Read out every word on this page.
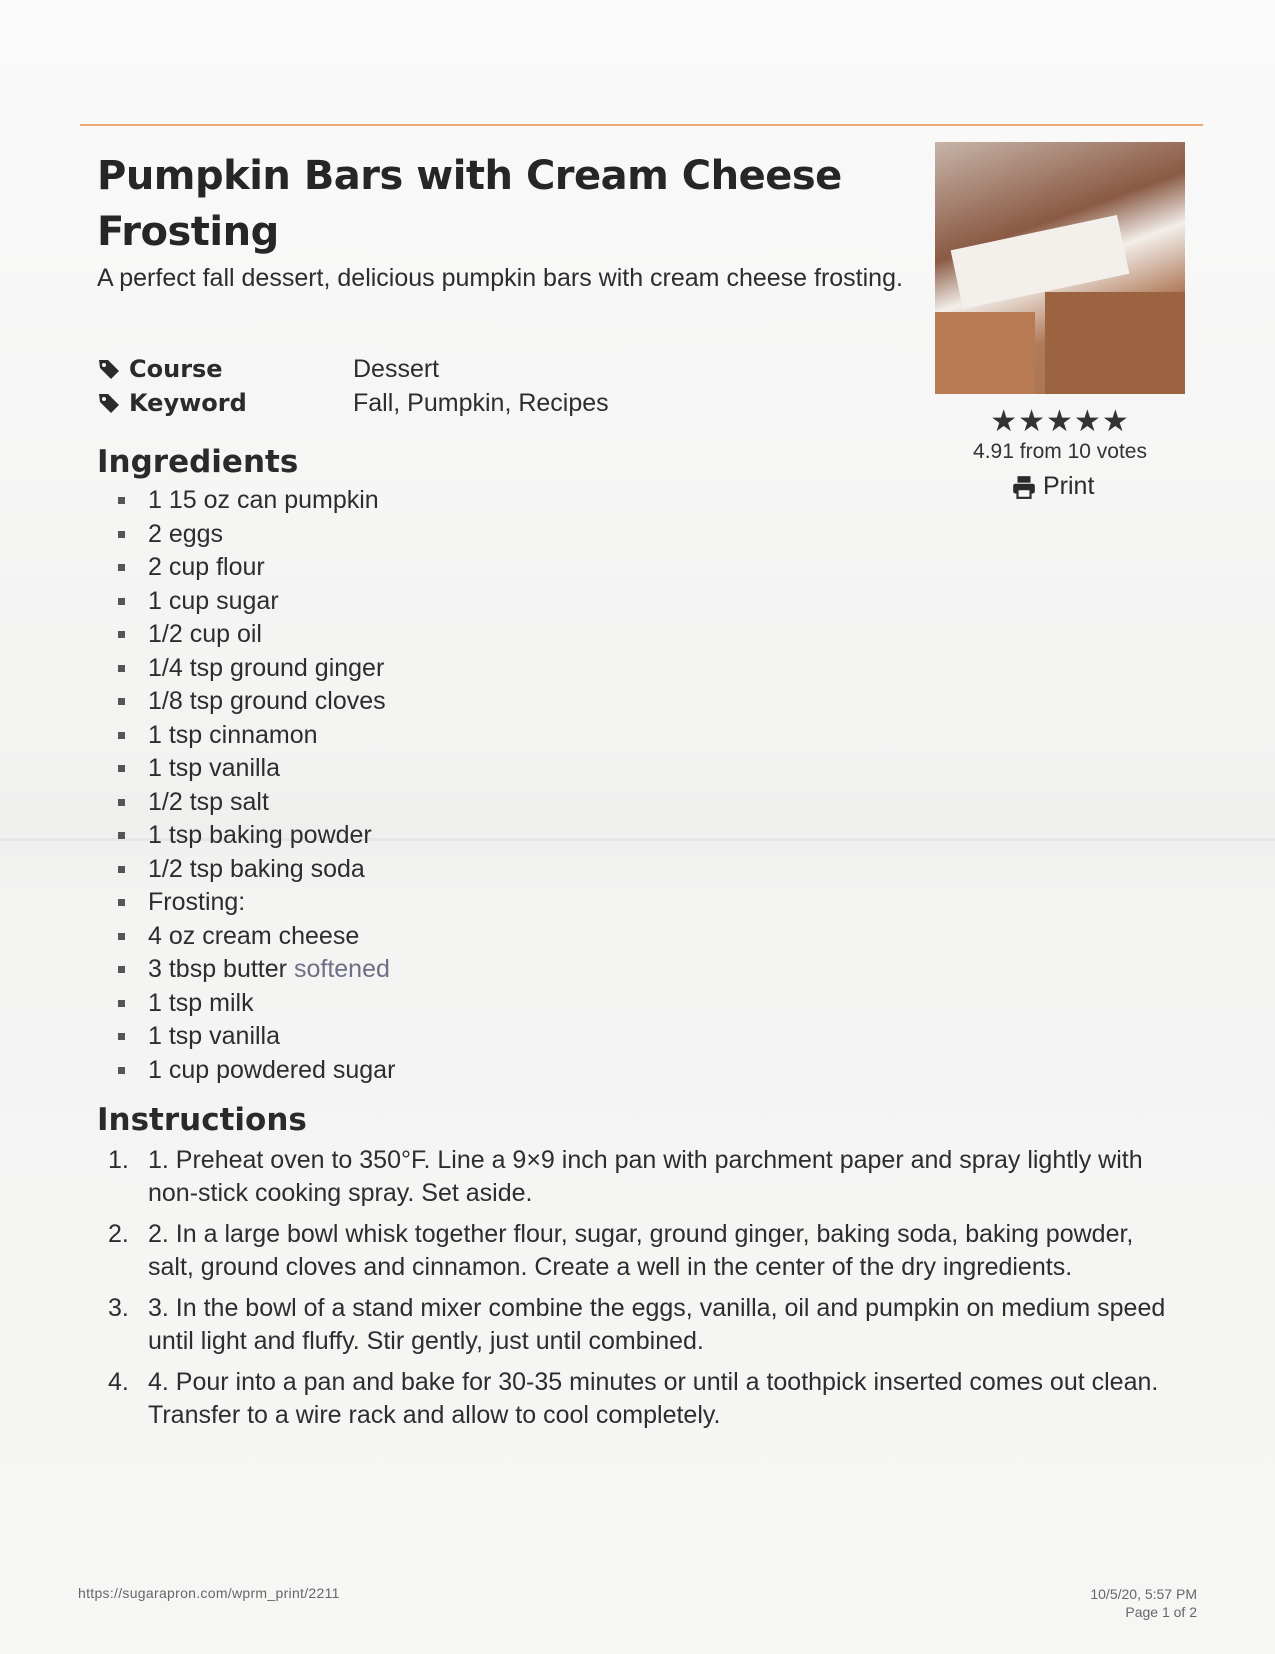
Pumpkin Bars with Cream Cheese Frosting

A perfect fall dessert, delicious pumpkin bars with cream cheese frosting.

Course	Dessert
Keyword	Fall, Pumpkin, Recipes
★★★★★
4.91 from 10 votes
Print
Ingredients
1 15 oz can pumpkin
2 eggs
2 cup flour
1 cup sugar
1/2 cup oil
1/4 tsp ground ginger
1/8 tsp ground cloves
1 tsp cinnamon
1 tsp vanilla
1/2 tsp salt
1 tsp baking powder
1/2 tsp baking soda
Frosting:
4 oz cream cheese
3 tbsp butter softened
1 tsp milk
1 tsp vanilla
1 cup powdered sugar
Instructions
1. 1. Preheat oven to 350°F. Line a 9×9 inch pan with parchment paper and spray lightly with non-stick cooking spray. Set aside.
2. 2. In a large bowl whisk together flour, sugar, ground ginger, baking soda, baking powder, salt, ground cloves and cinnamon. Create a well in the center of the dry ingredients.
3. 3. In the bowl of a stand mixer combine the eggs, vanilla, oil and pumpkin on medium speed until light and fluffy. Stir gently, just until combined.
4. 4. Pour into a pan and bake for 30-35 minutes or until a toothpick inserted comes out clean. Transfer to a wire rack and allow to cool completely.
https://sugarapron.com/wprm_print/2211	10/5/20, 5:57 PM
Page 1 of 2
